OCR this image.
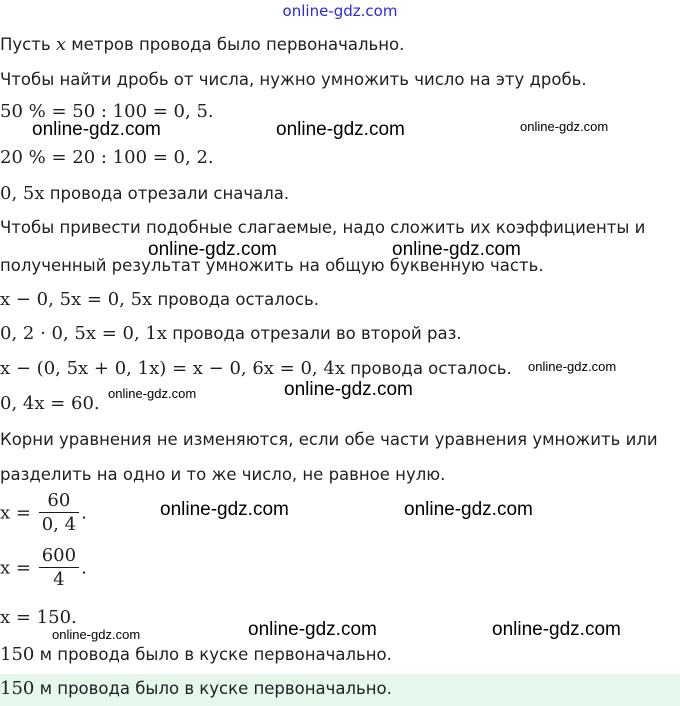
online-gdz.com
Пусть x метров провода было первоначально.
Чтобы найти дробь от числа, нужно умножить число на эту дробь.
50 % = 50 : 100 = 0, 5.
20 % = 20 : 100 = 0, 2.
0, 5x провода отрезали сначала.
Чтобы привести подобные слагаемые, надо сложить их коэффициенты и
полученный результат умножить на общую буквенную часть.
x − 0, 5x = 0, 5x провода осталось.
0, 2 · 0, 5x = 0, 1x провода отрезали во второй раз.
x − (0, 5x + 0, 1x) = x − 0, 6x = 0, 4x провода осталось.
0, 4x = 60.
Корни уравнения не изменяются, если обе части уравнения умножить или
разделить на одно и то же число, не равное нулю.
$x = \frac{60}{0, 4}$ .
$x = \frac{600}{4}$ .
x = 150.
150 м провода было в куске первоначально.
150 м провода было в куске первоначально.
online-gdz.com	online-gdz.com	online-gdz.com
online-gdz.com	online-gdz.com
online-gdz.com
online-gdz.com
online-gdz.com
online-gdz.com	online-gdz.com
online-gdz.com	online-gdz.com
online-gdz.com
